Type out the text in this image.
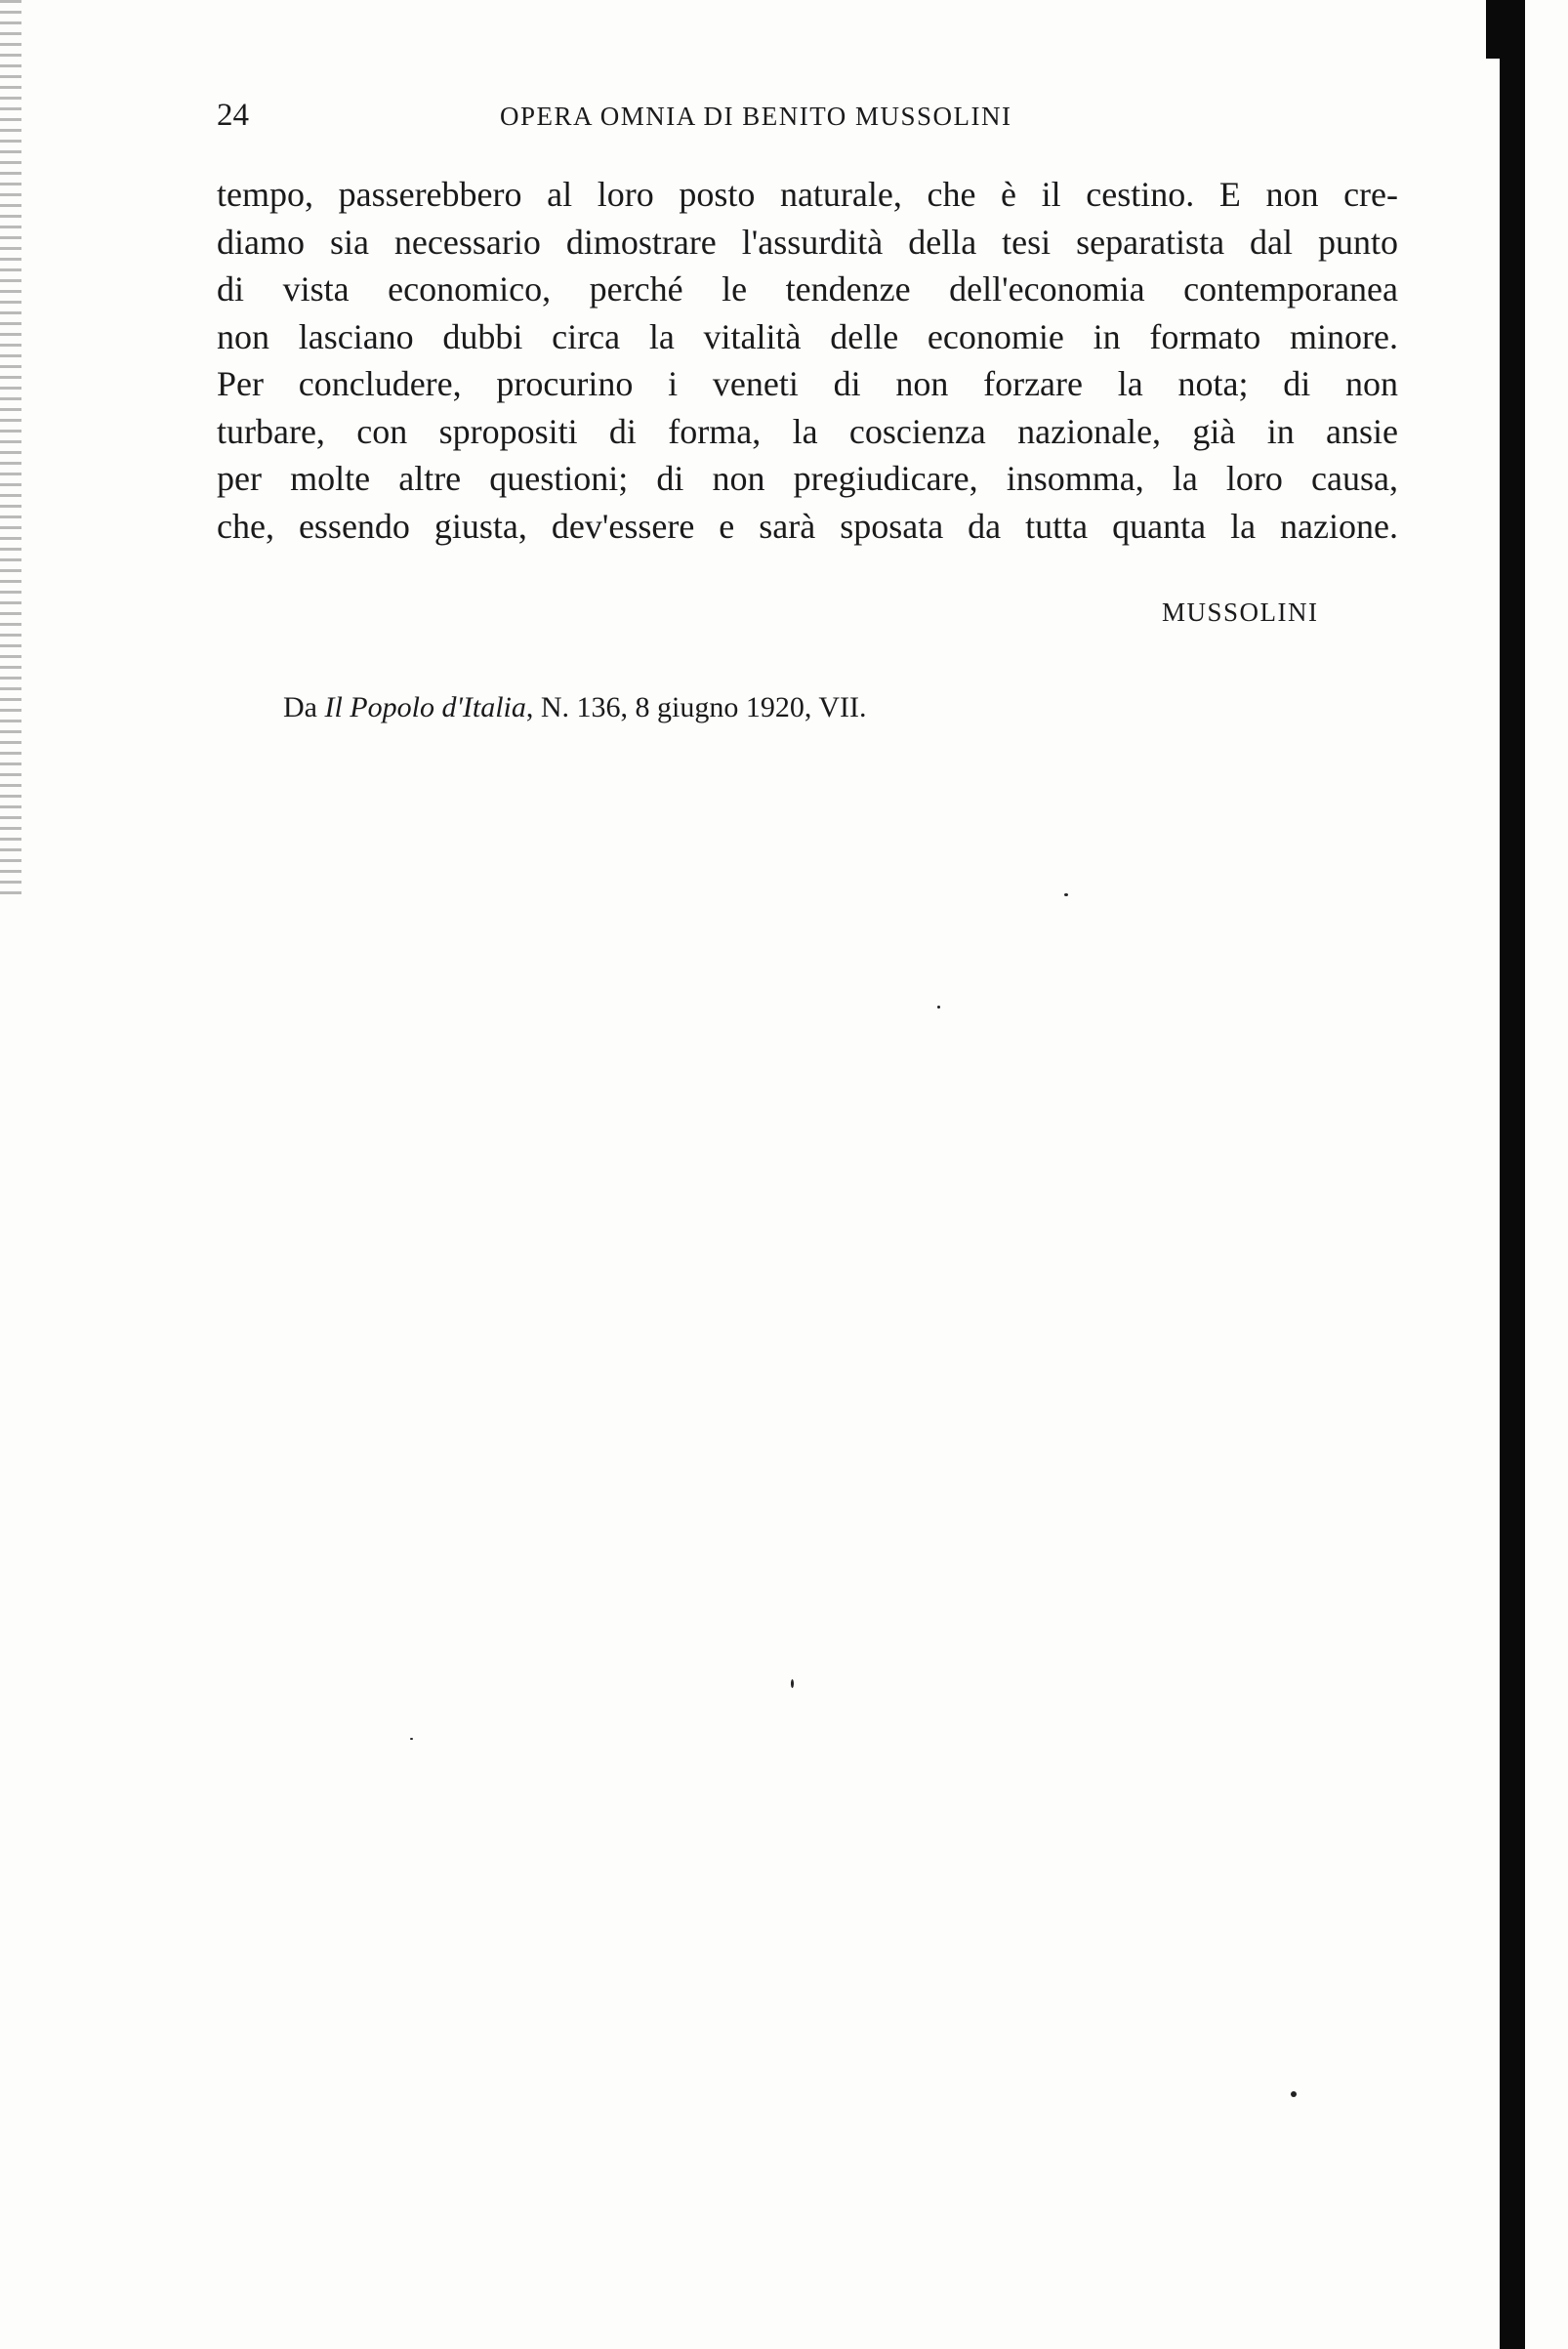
24	OPERA OMNIA DI BENITO MUSSOLINI
tempo, passerebbero al loro posto naturale, che è il cestino. E non cre-
diamo sia necessario dimostrare l'assurdità della tesi separatista dal punto
di vista economico, perché le tendenze dell'economia contemporanea
non lasciano dubbi circa la vitalità delle economie in formato minore.
Per concludere, procurino i veneti di non forzare la nota; di non
turbare, con spropositi di forma, la coscienza nazionale, già in ansie
per molte altre questioni; di non pregiudicare, insomma, la loro causa,
che, essendo giusta, dev'essere e sarà sposata da tutta quanta la nazione.
MUSSOLINI
Da Il Popolo d'Italia, N. 136, 8 giugno 1920, VII.
